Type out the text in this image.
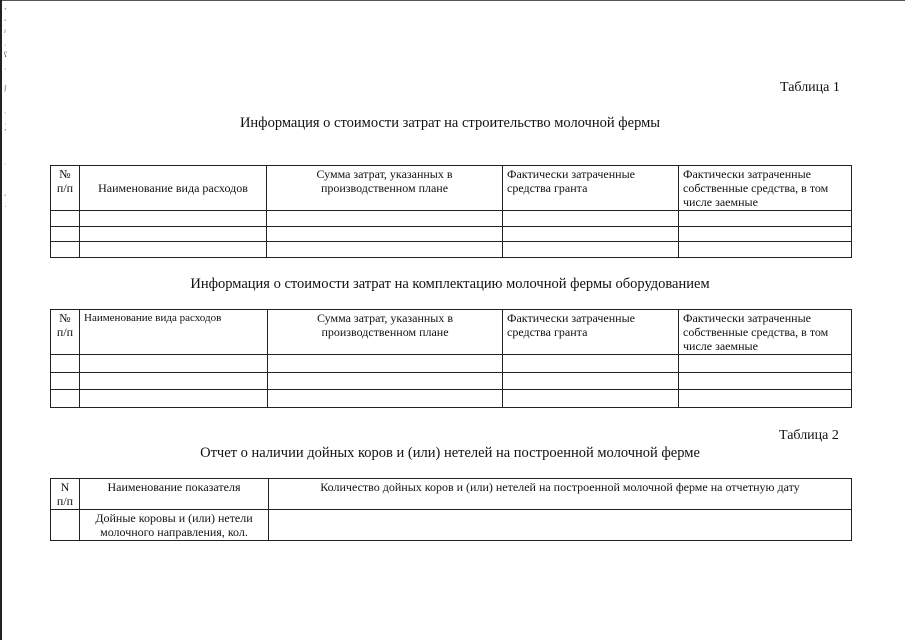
ʼ
ʻ
ˀ
˓
ʕ
ˏ

ʃ

ˎ
ˌ
ʼ

ˑ

˚
ˈ
Таблица 1
Информация о стоимости затрат на строительство молочной фермы
№ п/п	Наименование вида расходов	Сумма затрат, указанных в производственном плане	Фактически затраченные средства гранта	Фактически затраченные собственные средства, в том числе заемные

Информация о стоимости затрат на комплектацию молочной фермы оборудованием
№ п/п	Наименование вида расходов	Сумма затрат, указанных в производственном плане	Фактически затраченные средства гранта	Фактически затраченные собственные средства, в том числе заемные

Таблица 2
Отчет о наличии дойных коров и (или) нетелей на построенной молочной ферме
N п/п	Наименование показателя	Количество дойных коров и (или) нетелей на построенной молочной ферме на отчетную дату
	Дойные коровы и (или) нетели молочного направления, кол.	
